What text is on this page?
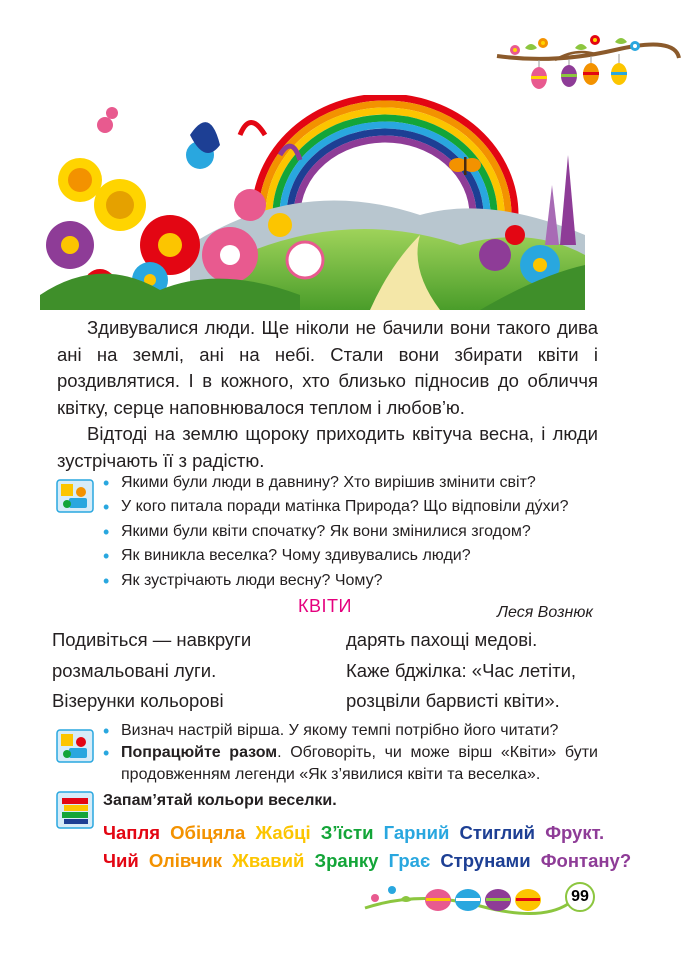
Здивувалися люди. Ще ніколи не бачили вони такого дива ані на землі, ані на небі. Стали вони збирати квіти і роздивлятися. І в кожного, хто близько підносив до обличчя квітку, серце наповнювалося теплом і любов’ю.

Відтоді на землю щороку приходить квітуча весна, і люди зустрічають її з радістю.

• Якими були люди в давнину? Хто вирішив змінити світ?
• У кого питала поради матінка Природа? Що відповіли ду́хи?
• Якими були квіти спочатку? Як вони змінилися згодом?
• Як виникла веселка? Чому здивувались люди?
• Як зустрічають люди весну? Чому?
КВІТИ	Леся Вознюк
Подивіться — навкруги
розмальовані луги.
Візерунки кольорові
дарять пахощі медові.
Каже бджілка: «Час летіти,
розцвіли барвисті квіти».
• Визнач настрій вірша. У якому темпі потрібно його читати?
• Попрацюйте разом. Обговоріть, чи може вірш «Квіти» бути продовженням легенди «Як з’явилися квіти та веселка».
Запам’ятай кольори веселки.
Чапля Обіцяла Жабці З’їсти Гарний Стиглий Фрукт.
Чий Олівчик Жвавий Зранку Грає Струнами Фонтану?
99
